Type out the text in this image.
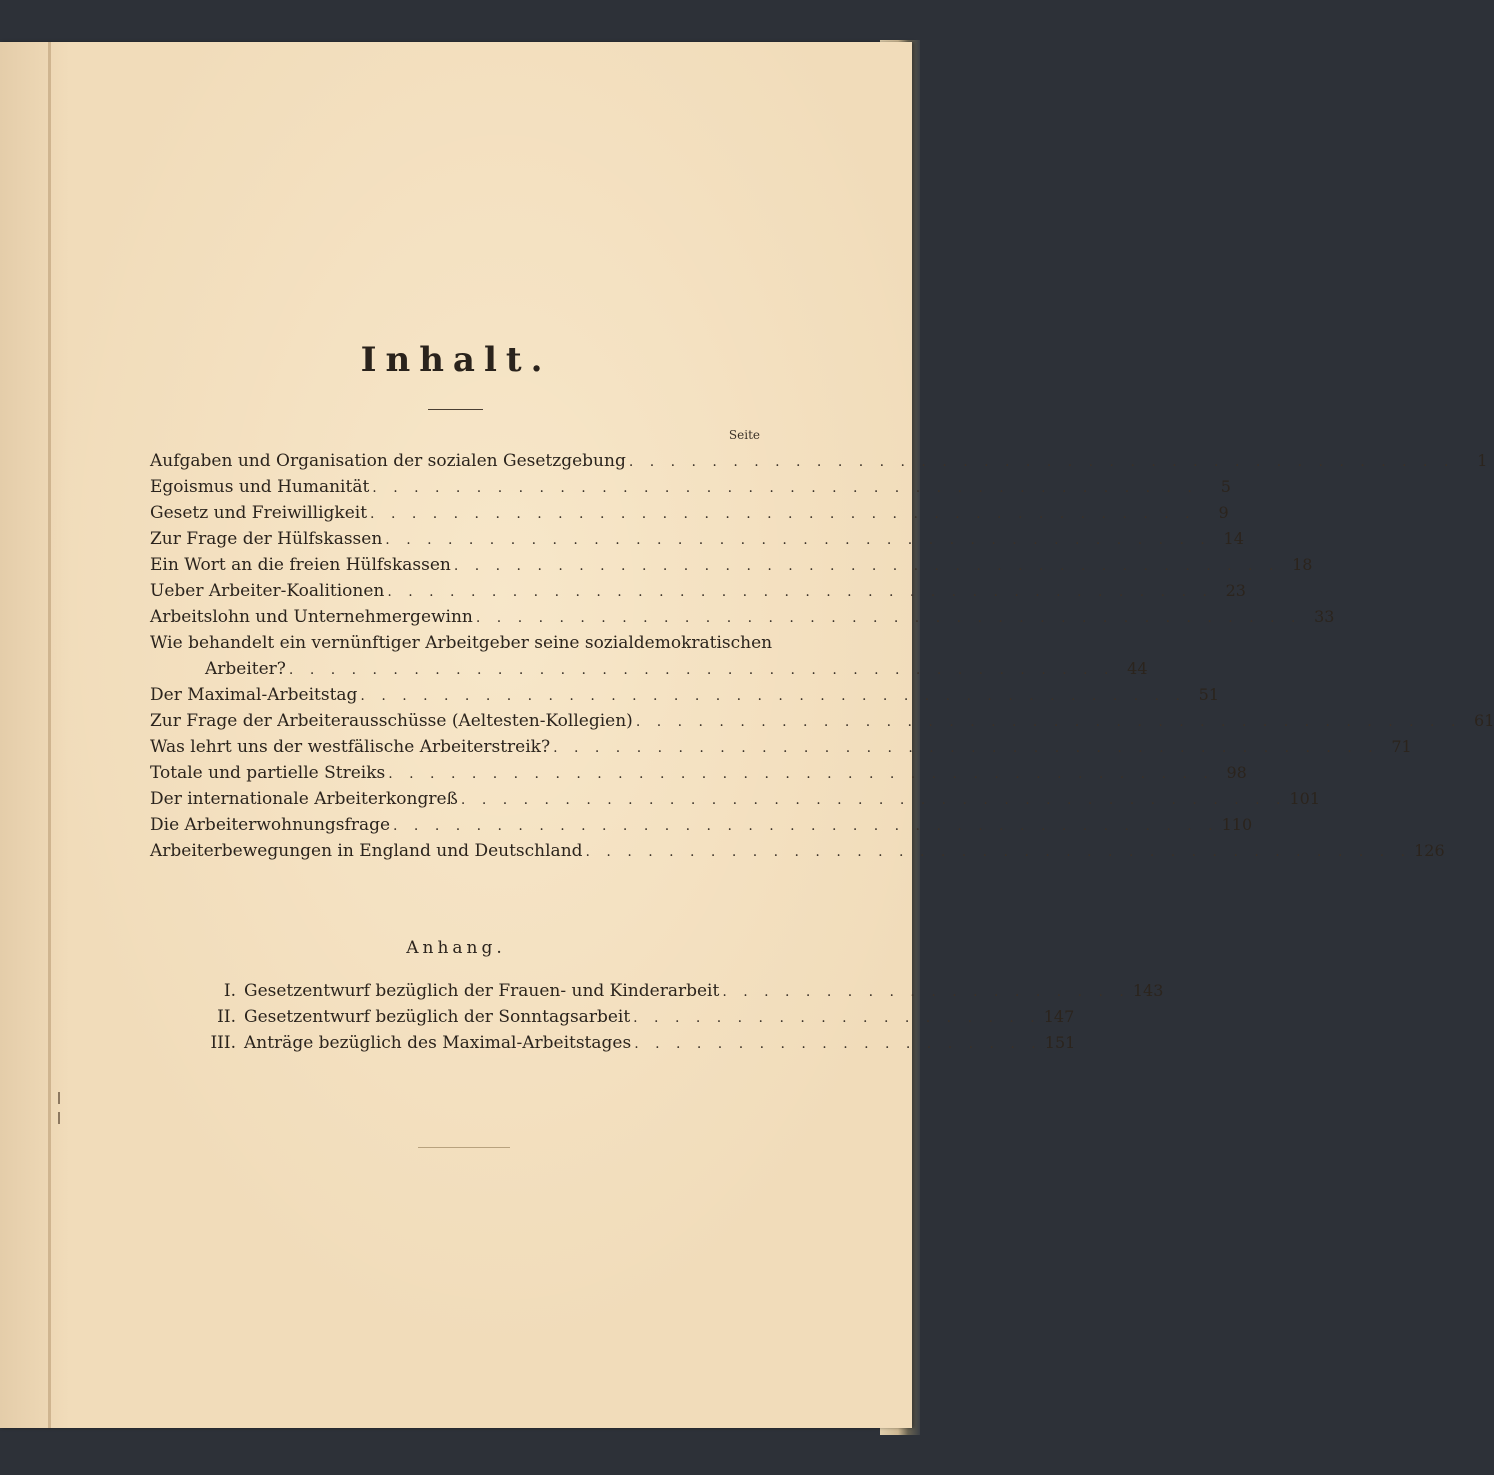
Inhalt.
Seite
Aufgaben und Organisation der sozialen Gesetzgebung . . . . . . . . . . . . . . . . . . . . . . . . . . . . . . . . . . . . . . . .	1
Egoismus und Humanität . . . . . . . . . . . . . . . . . . . . . . . . . . . . . . . . . . . . . . . .	5
Gesetz und Freiwilligkeit . . . . . . . . . . . . . . . . . . . . . . . . . . . . . . . . . . . . . . . .	9
Zur Frage der Hülfskassen . . . . . . . . . . . . . . . . . . . . . . . . . . . . . . . . . . . . . . . . 14
Ein Wort an die freien Hülfskassen . . . . . . . . . . . . . . . . . . . . . . . . . . . . . . . . . . . . . . . . 18
Ueber Arbeiter-Koalitionen . . . . . . . . . . . . . . . . . . . . . . . . . . . . . . . . . . . . . . . . 23
Arbeitslohn und Unternehmergewinn . . . . . . . . . . . . . . . . . . . . . . . . . . . . . . . . . . . . . . . . 33
Wie behandelt ein vernünftiger Arbeitgeber seine sozialdemokratischen
Arbeiter? . . . . . . . . . . . . . . . . . . . . . . . . . . . . . . . . . . . . . . . . 44
Der Maximal-Arbeitstag . . . . . . . . . . . . . . . . . . . . . . . . . . . . . . . . . . . . . . . . 51
Zur Frage der Arbeiterausschüsse (Aeltesten-Kollegien) . . . . . . . . . . . . . . . . . . . . . . . . . . . . . . . . . . . . . . . . 61
Was lehrt uns der westfälische Arbeiterstreik? . . . . . . . . . . . . . . . . . . . . . . . . . . . . . . . . . . . . . . . . 71
Totale und partielle Streiks . . . . . . . . . . . . . . . . . . . . . . . . . . . . . . . . . . . . . . . . 98
Der internationale Arbeiterkongreß . . . . . . . . . . . . . . . . . . . . . . . . . . . . . . . . . . . . . . . . 101
Die Arbeiterwohnungsfrage . . . . . . . . . . . . . . . . . . . . . . . . . . . . . . . . . . . . . . . . 110
Arbeiterbewegungen in England und Deutschland . . . . . . . . . . . . . . . . . . . . . . . . . . . . . . . . . . . . . . . . 126
Anhang.
I. Gesetzentwurf bezüglich der Frauen- und Kinderarbeit . . . . . . . . . . . . . . . . . . . . 143
II. Gesetzentwurf bezüglich der Sonntagsarbeit . . . . . . . . . . . . . . . . . . . . 147
III. Anträge bezüglich des Maximal-Arbeitstages . . . . . . . . . . . . . . . . . . . . 151
